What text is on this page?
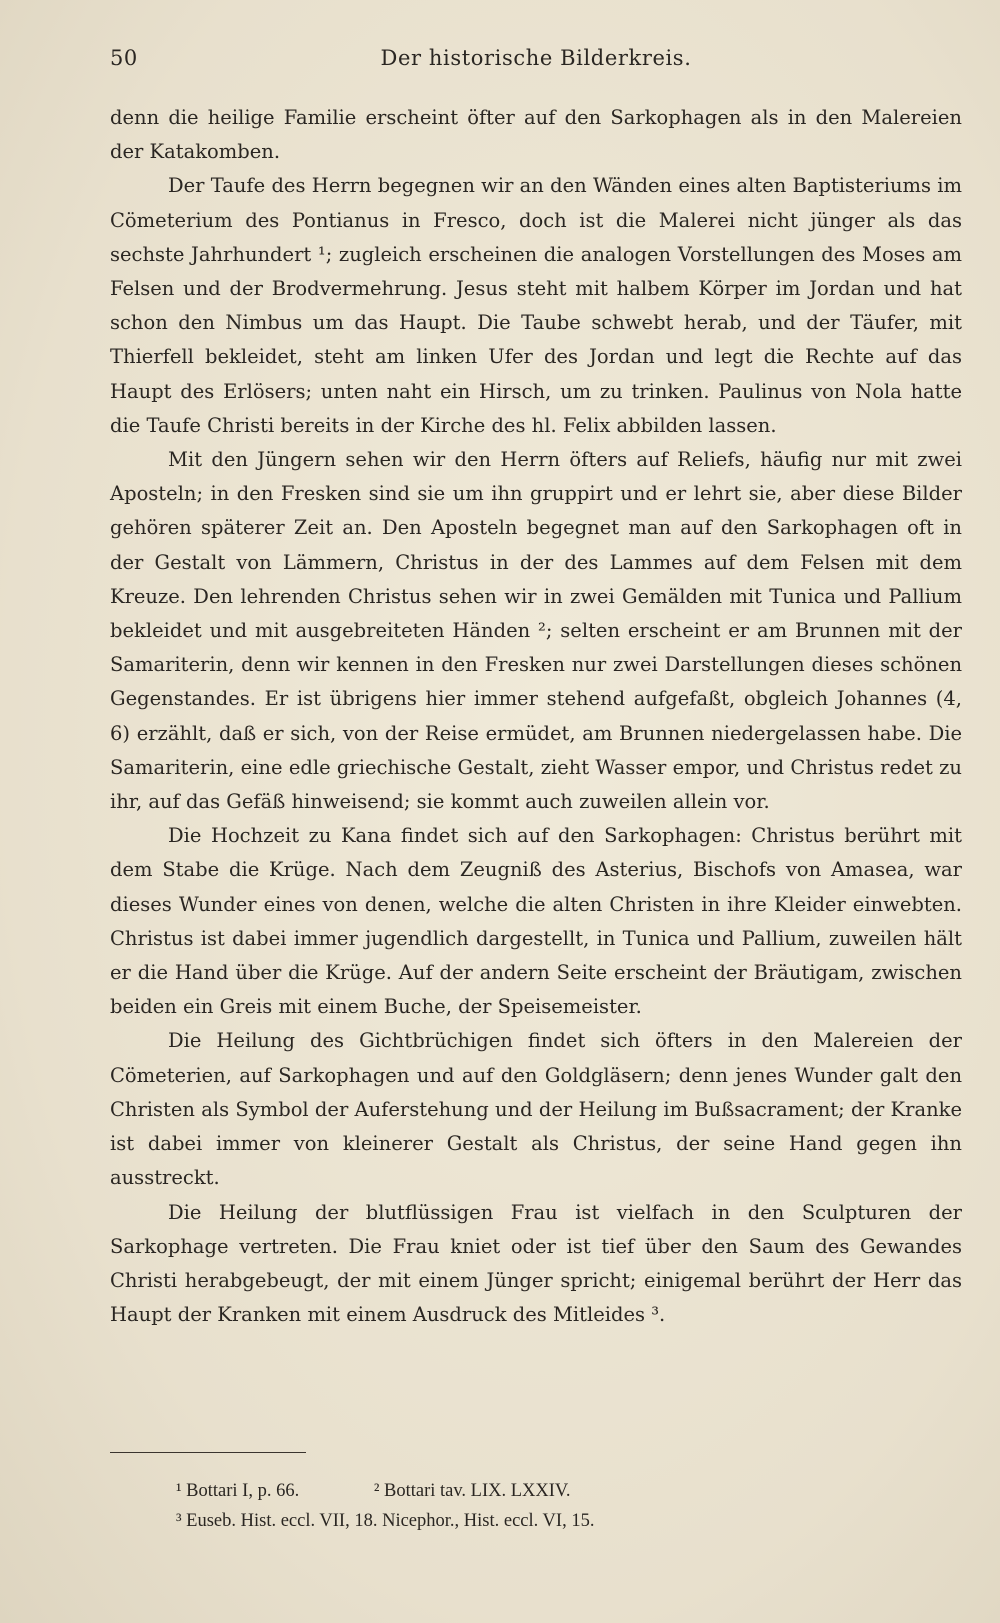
50	Der historische Bilderkreis.

denn die heilige Familie erscheint öfter auf den Sarkophagen als in den Malereien der Katakomben.

Der Taufe des Herrn begegnen wir an den Wänden eines alten Baptisteriums im Cömeterium des Pontianus in Fresco, doch ist die Malerei nicht jünger als das sechste Jahrhundert ¹; zugleich erscheinen die analogen Vorstellungen des Moses am Felsen und der Brodvermehrung. Jesus steht mit halbem Körper im Jordan und hat schon den Nimbus um das Haupt. Die Taube schwebt herab, und der Täufer, mit Thierfell bekleidet, steht am linken Ufer des Jordan und legt die Rechte auf das Haupt des Erlösers; unten naht ein Hirsch, um zu trinken. Paulinus von Nola hatte die Taufe Christi bereits in der Kirche des hl. Felix abbilden lassen.

Mit den Jüngern sehen wir den Herrn öfters auf Reliefs, häufig nur mit zwei Aposteln; in den Fresken sind sie um ihn gruppirt und er lehrt sie, aber diese Bilder gehören späterer Zeit an. Den Aposteln begegnet man auf den Sarkophagen oft in der Gestalt von Lämmern, Christus in der des Lammes auf dem Felsen mit dem Kreuze. Den lehrenden Christus sehen wir in zwei Gemälden mit Tunica und Pallium bekleidet und mit ausgebreiteten Händen ²; selten erscheint er am Brunnen mit der Samariterin, denn wir kennen in den Fresken nur zwei Darstellungen dieses schönen Gegenstandes. Er ist übrigens hier immer stehend aufgefaßt, obgleich Johannes (4, 6) erzählt, daß er sich, von der Reise ermüdet, am Brunnen niedergelassen habe. Die Samariterin, eine edle griechische Gestalt, zieht Wasser empor, und Christus redet zu ihr, auf das Gefäß hinweisend; sie kommt auch zuweilen allein vor.

Die Hochzeit zu Kana findet sich auf den Sarkophagen: Christus berührt mit dem Stabe die Krüge. Nach dem Zeugniß des Asterius, Bischofs von Amasea, war dieses Wunder eines von denen, welche die alten Christen in ihre Kleider einwebten. Christus ist dabei immer jugendlich dargestellt, in Tunica und Pallium, zuweilen hält er die Hand über die Krüge. Auf der andern Seite erscheint der Bräutigam, zwischen beiden ein Greis mit einem Buche, der Speisemeister.

Die Heilung des Gichtbrüchigen findet sich öfters in den Malereien der Cömeterien, auf Sarkophagen und auf den Goldgläsern; denn jenes Wunder galt den Christen als Symbol der Auferstehung und der Heilung im Bußsacrament; der Kranke ist dabei immer von kleinerer Gestalt als Christus, der seine Hand gegen ihn ausstreckt.

Die Heilung der blutflüssigen Frau ist vielfach in den Sculpturen der Sarkophage vertreten. Die Frau kniet oder ist tief über den Saum des Gewandes Christi herabgebeugt, der mit einem Jünger spricht; einigemal berührt der Herr das Haupt der Kranken mit einem Ausdruck des Mitleides ³.

¹ Bottari I, p. 66.	² Bottari tav. LIX. LXXIV.
³ Euseb. Hist. eccl. VII, 18. Nicephor., Hist. eccl. VI, 15.
